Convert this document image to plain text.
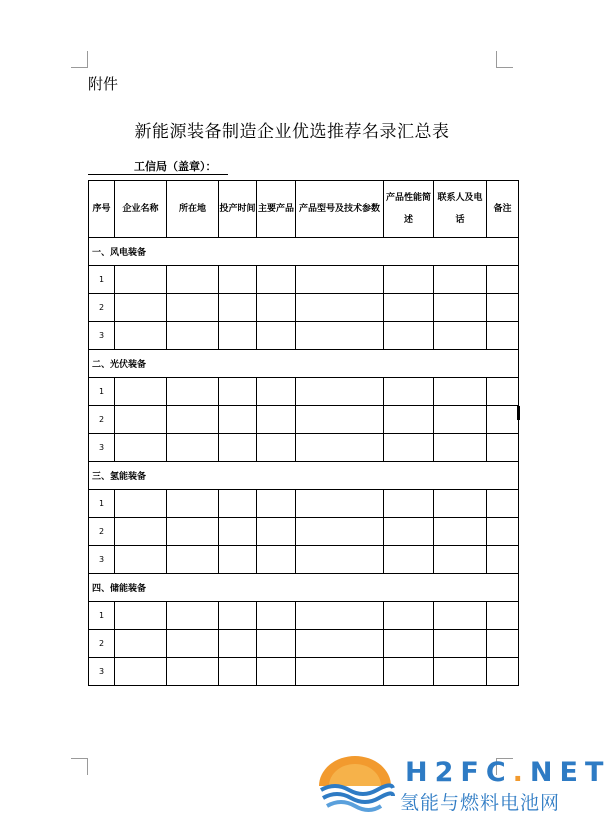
附件
新能源装备制造企业优选推荐名录汇总表
工信局（盖章）：
序号	企业名称	所在地	投产时间	主要产品	产品型号及技术参数	产品性能简述	联系人及电话	备注
一、风电装备								
1								
2								
3								
二、光伏装备								
1								
2								
3								
三、氢能装备								
1								
2								
3								
四、储能装备								
1								
2								
3								
H2FC.NET
氢能与燃料电池网
